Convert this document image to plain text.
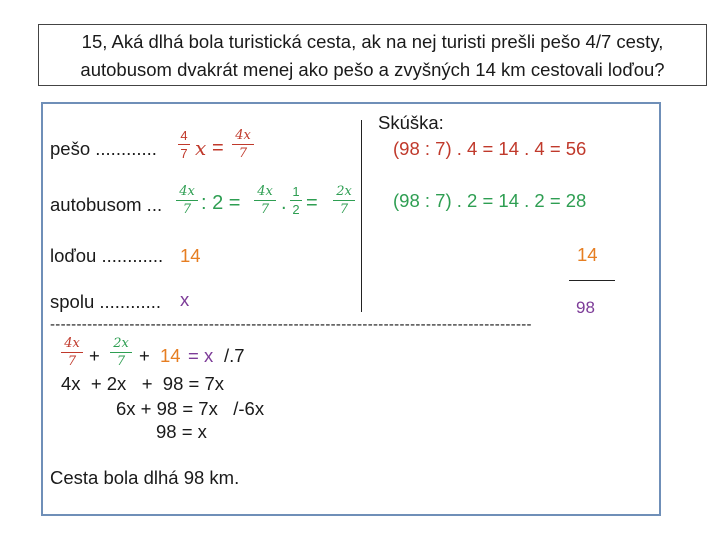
15, Aká dlhá bola turistická cesta, ak na nej turisti prešli pešo 4/7 cesty,
autobusom dvakrát menej ako pešo a zvyšných 14 km cestovali loďou?
pešo ............
4
7 x =
4x
7
autobusom ...
4x
7 : 2 =
4x
7 .
1
2 =
2x
7
loďou ............ 14
spolu ............ x
Skúška:
(98 : 7) . 4 = 14 . 4 = 56
(98 : 7) . 2 = 14 . 2 = 28
14
98
-------------------------------------------------------------------------------------------
4x
7 +
2x
7 + 14 = x /.7
4x  + 2x   +  98 = 7x
6x + 98 = 7x   /-6x
98 = x
Cesta bola dlhá 98 km.
